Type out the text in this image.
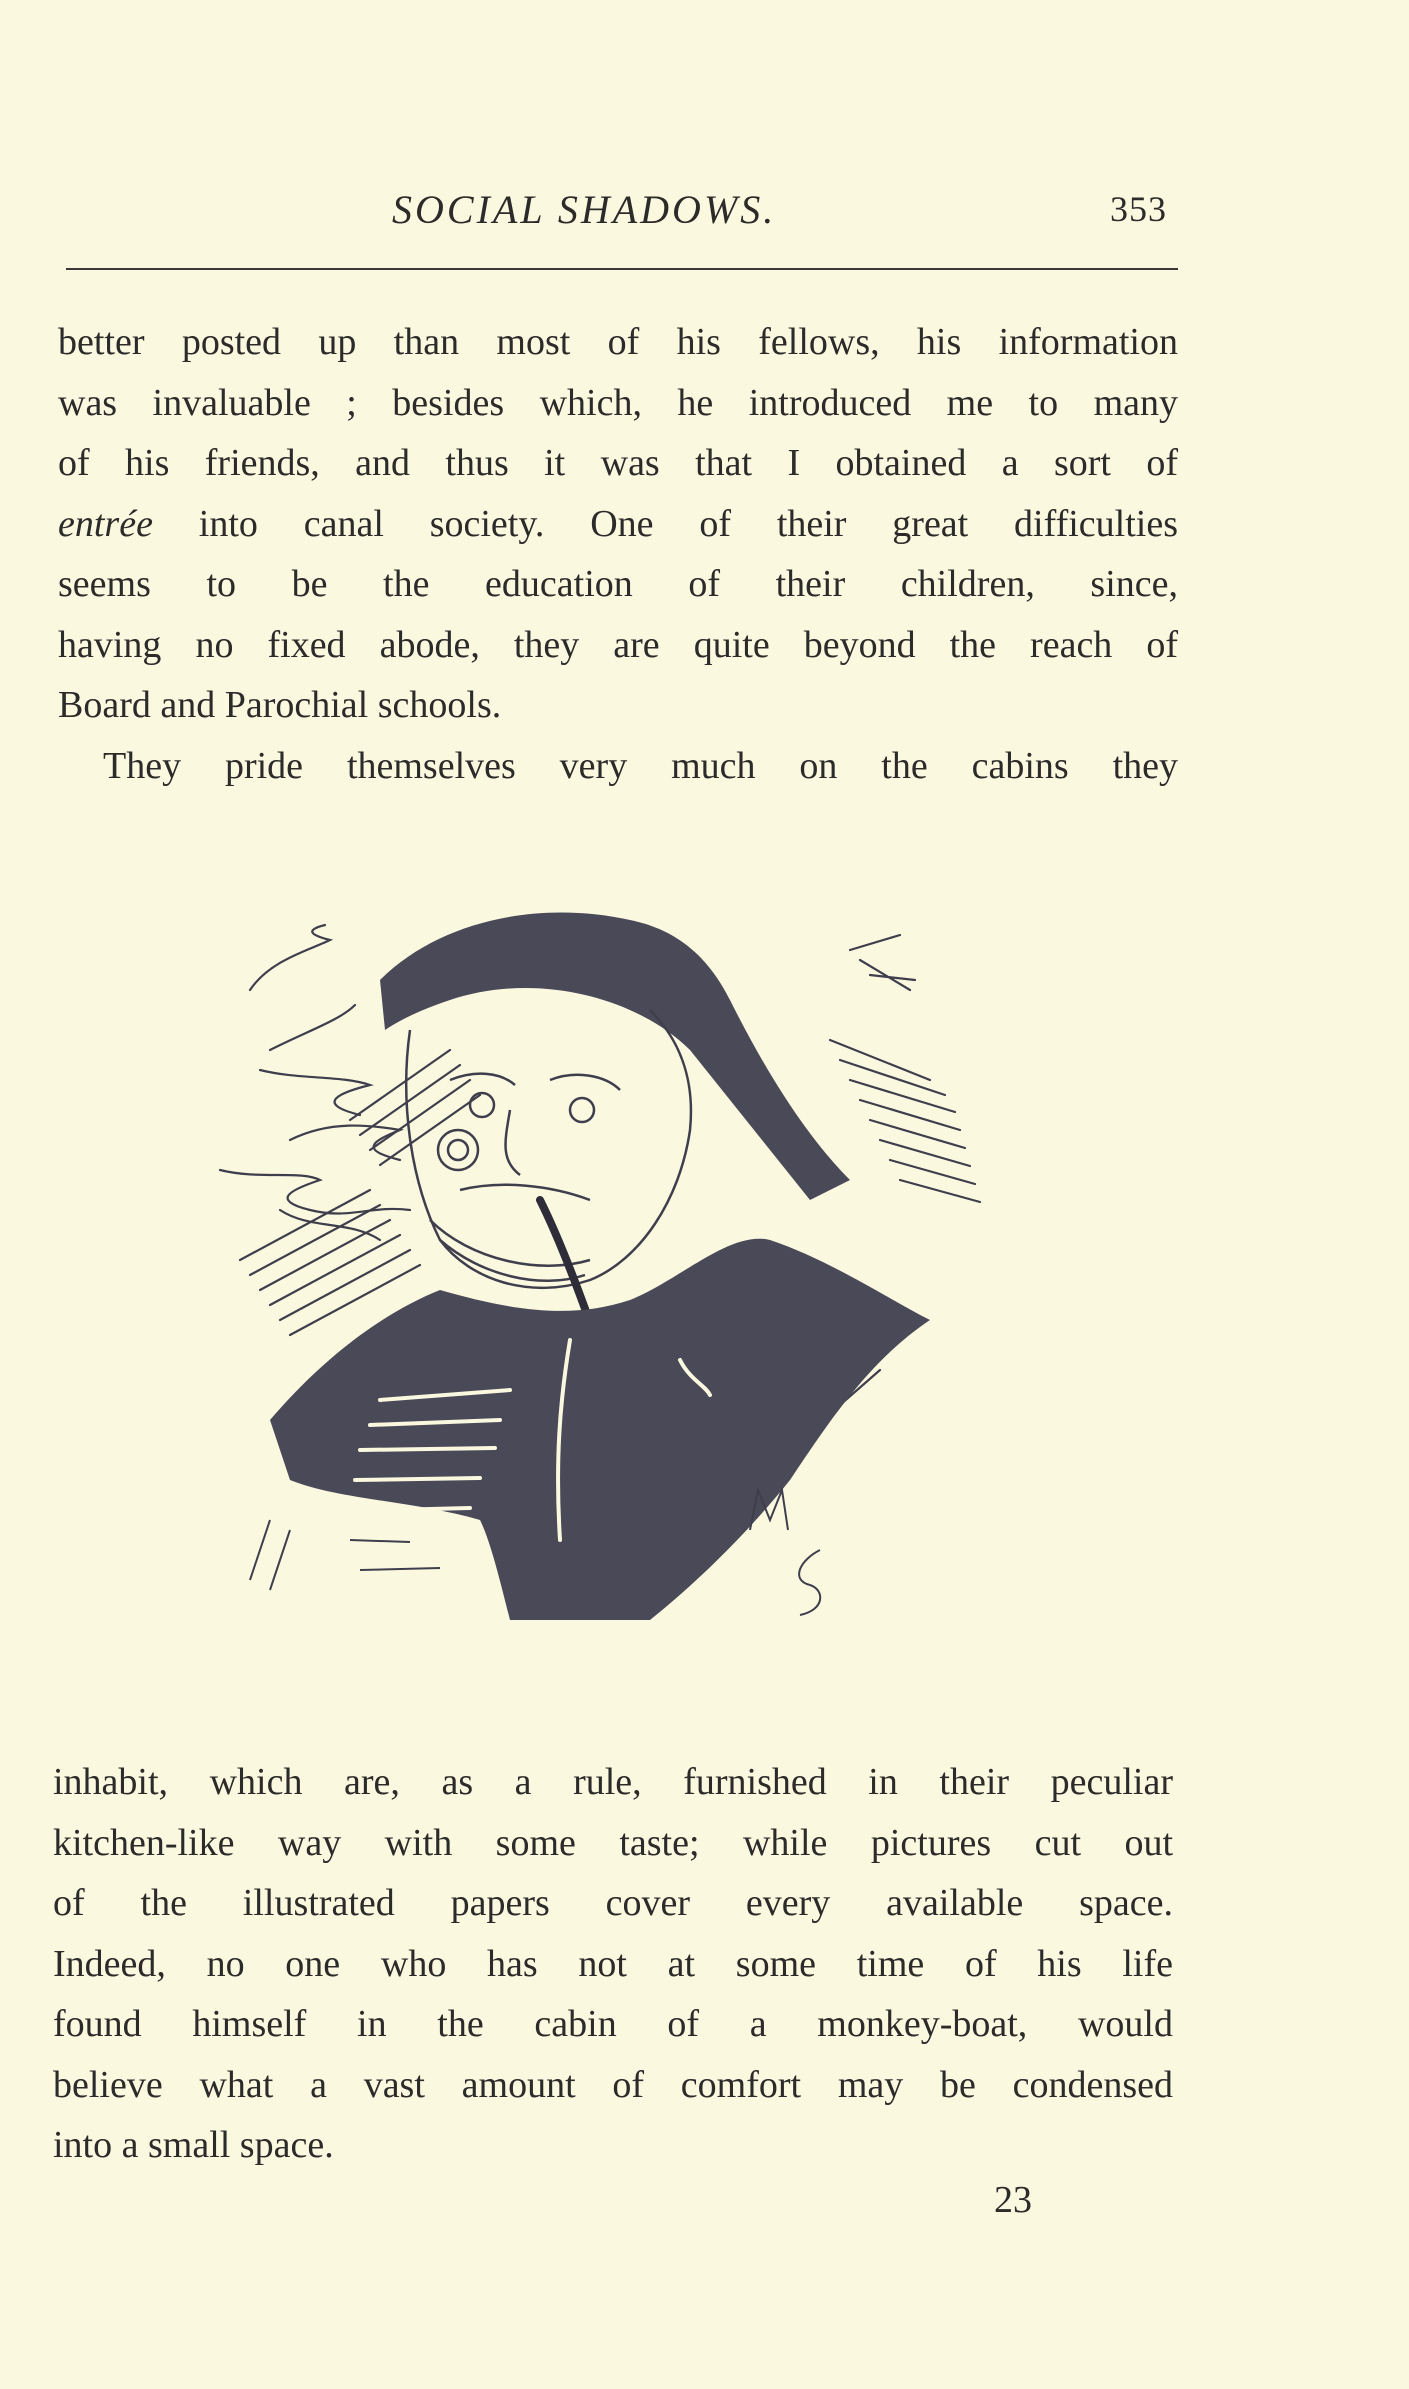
SOCIAL SHADOWS.	353
better posted up than most of his fellows, his information
was invaluable ; besides which, he introduced me to many
of his friends, and thus it was that I obtained a sort of
entrée into canal society. One of their great difficulties
seems to be the education of their children, since,
having no fixed abode, they are quite beyond the reach of
Board and Parochial schools.
They pride themselves very much on the cabins they
inhabit, which are, as a rule, furnished in their peculiar
kitchen-like way with some taste; while pictures cut out
of the illustrated papers cover every available space.
Indeed, no one who has not at some time of his life
found himself in the cabin of a monkey-boat, would
believe what a vast amount of comfort may be condensed
into a small space.
23
